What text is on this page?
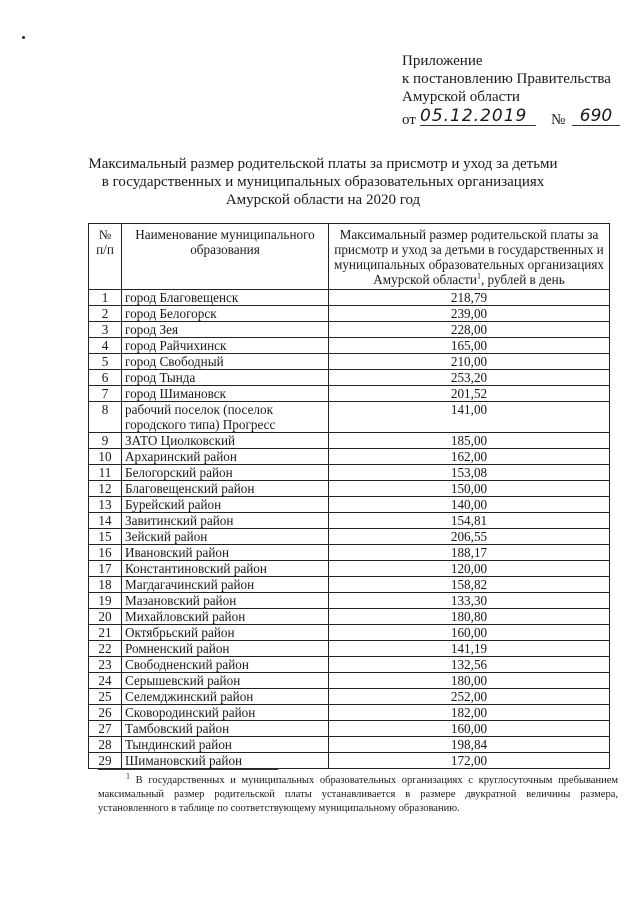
Приложение
к постановлению Правительства
Амурской области
от 05.12.2019	№ 690
Максимальный размер родительской платы за присмотр и уход за детьми в государственных и муниципальных образовательных организациях Амурской области на 2020 год
№ п/п	Наименование муниципального образования	Максимальный размер родительской платы за присмотр и уход за детьми в государственных и муниципальных образовательных организациях Амурской области$^1$, рублей в день
1	город Благовещенск	218,79
2	город Белогорск	239,00
3	город Зея	228,00
4	город Райчихинск	165,00
5	город Свободный	210,00
6	город Тында	253,20
7	город Шимановск	201,52
8	рабочий поселок (поселок городского типа) Прогресс	141,00
9	ЗАТО Циолковский	185,00
10	Архаринский район	162,00
11	Белогорский район	153,08
12	Благовещенский район	150,00
13	Бурейский район	140,00
14	Завитинский район	154,81
15	Зейский район	206,55
16	Ивановский район	188,17
17	Константиновский район	120,00
18	Магдагачинский район	158,82
19	Мазановский район	133,30
20	Михайловский район	180,80
21	Октябрьский район	160,00
22	Ромненский район	141,19
23	Свободненский район	132,56
24	Серышевский район	180,00
25	Селемджинский район	252,00
26	Сковородинский район	182,00
27	Тамбовский район	160,00
28	Тындинский район	198,84
29	Шимановский район	172,00
$^1$ В государственных и муниципальных образовательных организациях с круглосуточным пребыванием максимальный размер родительской платы устанавливается в размере двукратной величины размера, установленного в таблице по соответствующему муниципальному образованию.
